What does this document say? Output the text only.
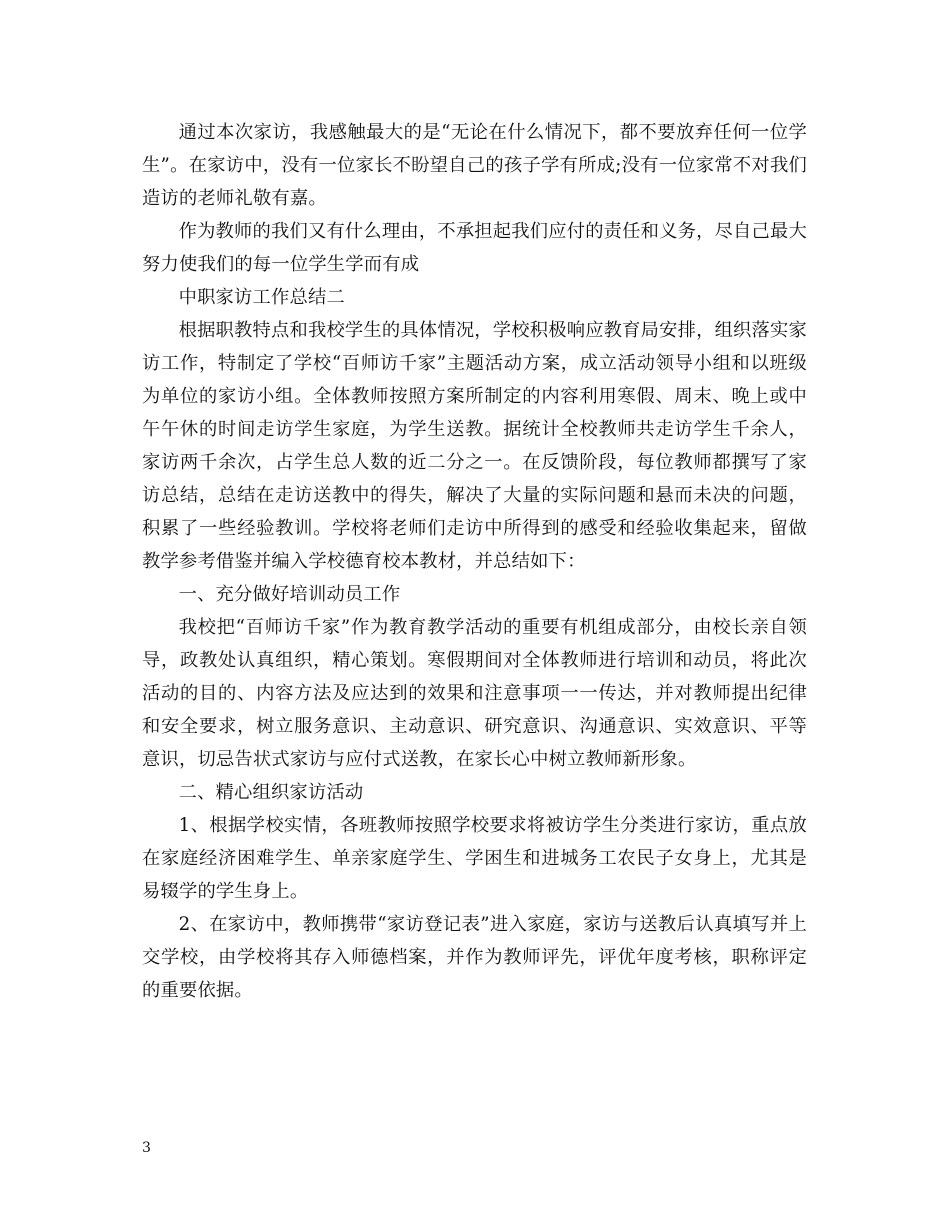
通过本次家访，我感触最大的是“无论在什么情况下，都不要放弃任何一位学生”。在家访中，没有一位家长不盼望自己的孩子学有所成;没有一位家常不对我们造访的老师礼敬有嘉。

作为教师的我们又有什么理由，不承担起我们应付的责任和义务，尽自己最大努力使我们的每一位学生学而有成

中职家访工作总结二

根据职教特点和我校学生的具体情况，学校积极响应教育局安排，组织落实家访工作，特制定了学校“百师访千家”主题活动方案，成立活动领导小组和以班级为单位的家访小组。全体教师按照方案所制定的内容利用寒假、周末、晚上或中午午休的时间走访学生家庭，为学生送教。据统计全校教师共走访学生千余人，家访两千余次，占学生总人数的近二分之一。在反馈阶段，每位教师都撰写了家访总结，总结在走访送教中的得失，解决了大量的实际问题和悬而未决的问题，积累了一些经验教训。学校将老师们走访中所得到的感受和经验收集起来，留做教学参考借鉴并编入学校德育校本教材，并总结如下：

一、充分做好培训动员工作

我校把“百师访千家”作为教育教学活动的重要有机组成部分，由校长亲自领导，政教处认真组织，精心策划。寒假期间对全体教师进行培训和动员，将此次活动的目的、内容方法及应达到的效果和注意事项一一传达，并对教师提出纪律和安全要求，树立服务意识、主动意识、研究意识、沟通意识、实效意识、平等意识，切忌告状式家访与应付式送教，在家长心中树立教师新形象。

二、精心组织家访活动

1、根据学校实情，各班教师按照学校要求将被访学生分类进行家访，重点放在家庭经济困难学生、单亲家庭学生、学困生和进城务工农民子女身上，尤其是易辍学的学生身上。

2、在家访中，教师携带“家访登记表”进入家庭，家访与送教后认真填写并上交学校，由学校将其存入师德档案，并作为教师评先，评优年度考核，职称评定的重要依据。

3
